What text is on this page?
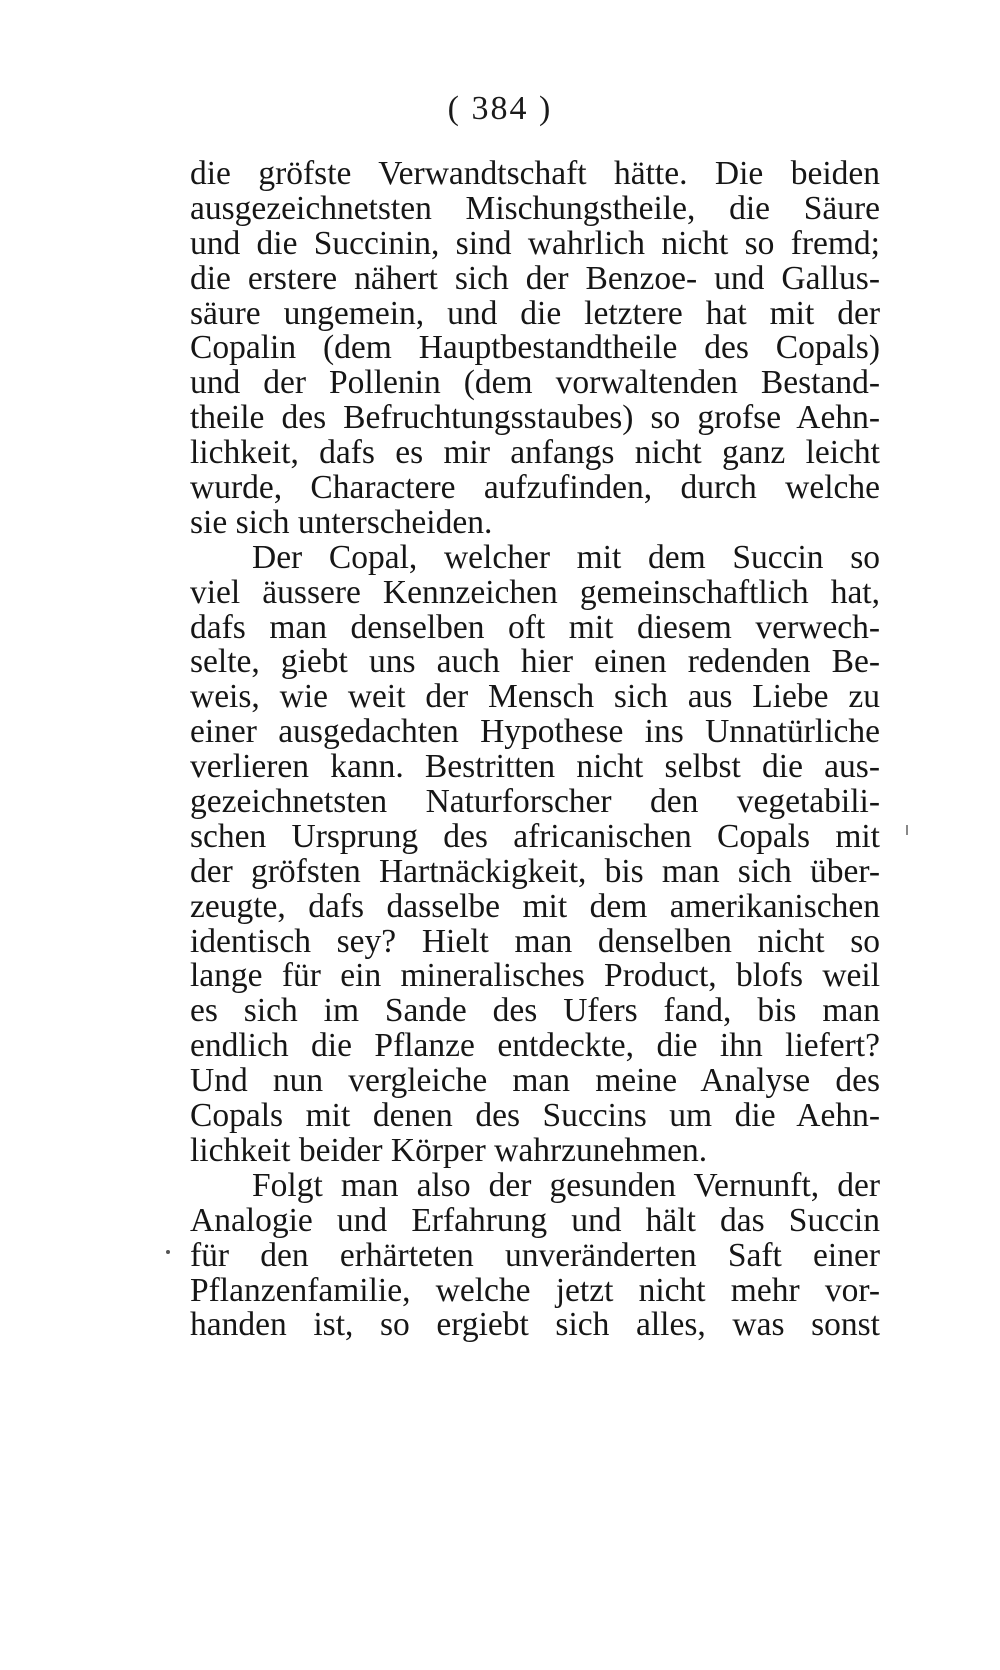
( 384 )
die gröfste Verwandtschaft hätte. Die beiden
ausgezeichnetsten Mischungstheile, die Säure
und die Succinin, sind wahrlich nicht so fremd;
die erstere nähert sich der Benzoe- und Gallus-
säure ungemein, und die letztere hat mit der
Copalin (dem Hauptbestandtheile des Copals)
und der Pollenin (dem vorwaltenden Bestand-
theile des Befruchtungsstaubes) so grofse Aehn-
lichkeit, dafs es mir anfangs nicht ganz leicht
wurde, Charactere aufzufinden, durch welche
sie sich unterscheiden.
Der Copal, welcher mit dem Succin so
viel äussere Kennzeichen gemeinschaftlich hat,
dafs man denselben oft mit diesem verwech-
selte, giebt uns auch hier einen redenden Be-
weis, wie weit der Mensch sich aus Liebe zu
einer ausgedachten Hypothese ins Unnatürliche
verlieren kann. Bestritten nicht selbst die aus-
gezeichnetsten Naturforscher den vegetabili-
schen Ursprung des africanischen Copals mit
der gröfsten Hartnäckigkeit, bis man sich über-
zeugte, dafs dasselbe mit dem amerikanischen
identisch sey? Hielt man denselben nicht so
lange für ein mineralisches Product, blofs weil
es sich im Sande des Ufers fand, bis man
endlich die Pflanze entdeckte, die ihn liefert?
Und nun vergleiche man meine Analyse des
Copals mit denen des Succins um die Aehn-
lichkeit beider Körper wahrzunehmen.
Folgt man also der gesunden Vernunft, der
Analogie und Erfahrung und hält das Succin
für den erhärteten unveränderten Saft einer
Pflanzenfamilie, welche jetzt nicht mehr vor-
handen ist, so ergiebt sich alles, was sonst
